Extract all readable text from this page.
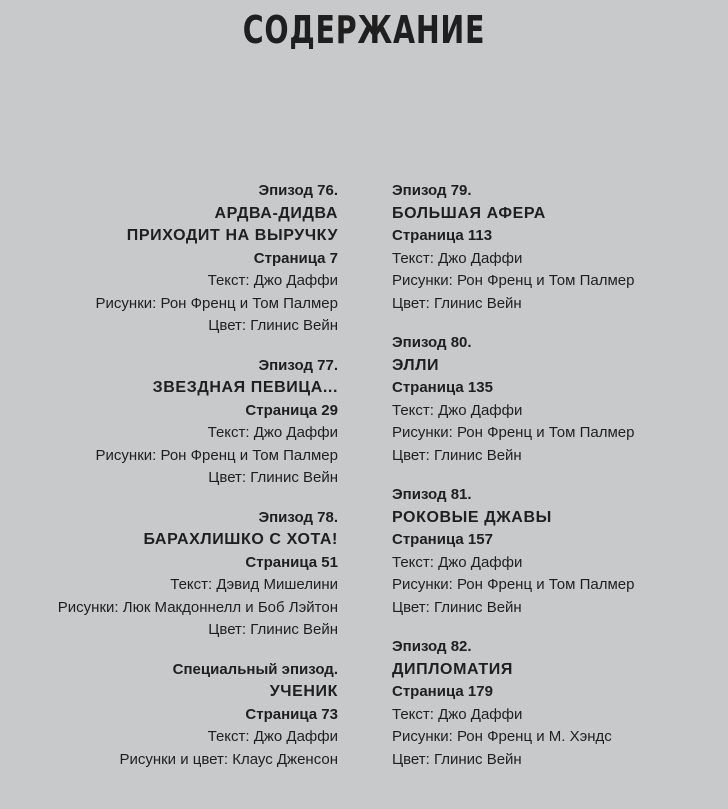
СОДЕРЖАНИЕ
Эпизод 76.
АРДВА-ДИДВА
ПРИХОДИТ НА ВЫРУЧКУ
Страница 7
Текст: Джо Даффи
Рисунки: Рон Френц и Том Палмер
Цвет: Глинис Вейн
Эпизод 77.
ЗВЕЗДНАЯ ПЕВИЦА...
Страница 29
Текст: Джо Даффи
Рисунки: Рон Френц и Том Палмер
Цвет: Глинис Вейн
Эпизод 78.
БАРАХЛИШКО С ХОТА!
Страница 51
Текст: Дэвид Мишелини
Рисунки: Люк Макдоннелл и Боб Лэйтон
Цвет: Глинис Вейн
Специальный эпизод.
УЧЕНИК
Страница 73
Текст: Джо Даффи
Рисунки и цвет: Клаус Дженсон
Эпизод 79.
БОЛЬШАЯ АФЕРА
Страница 113
Текст: Джо Даффи
Рисунки: Рон Френц и Том Палмер
Цвет: Глинис Вейн
Эпизод 80.
ЭЛЛИ
Страница 135
Текст: Джо Даффи
Рисунки: Рон Френц и Том Палмер
Цвет: Глинис Вейн
Эпизод 81.
РОКОВЫЕ ДЖАВЫ
Страница 157
Текст: Джо Даффи
Рисунки: Рон Френц и Том Палмер
Цвет: Глинис Вейн
Эпизод 82.
ДИПЛОМАТИЯ
Страница 179
Текст: Джо Даффи
Рисунки: Рон Френц и М. Хэндс
Цвет: Глинис Вейн
